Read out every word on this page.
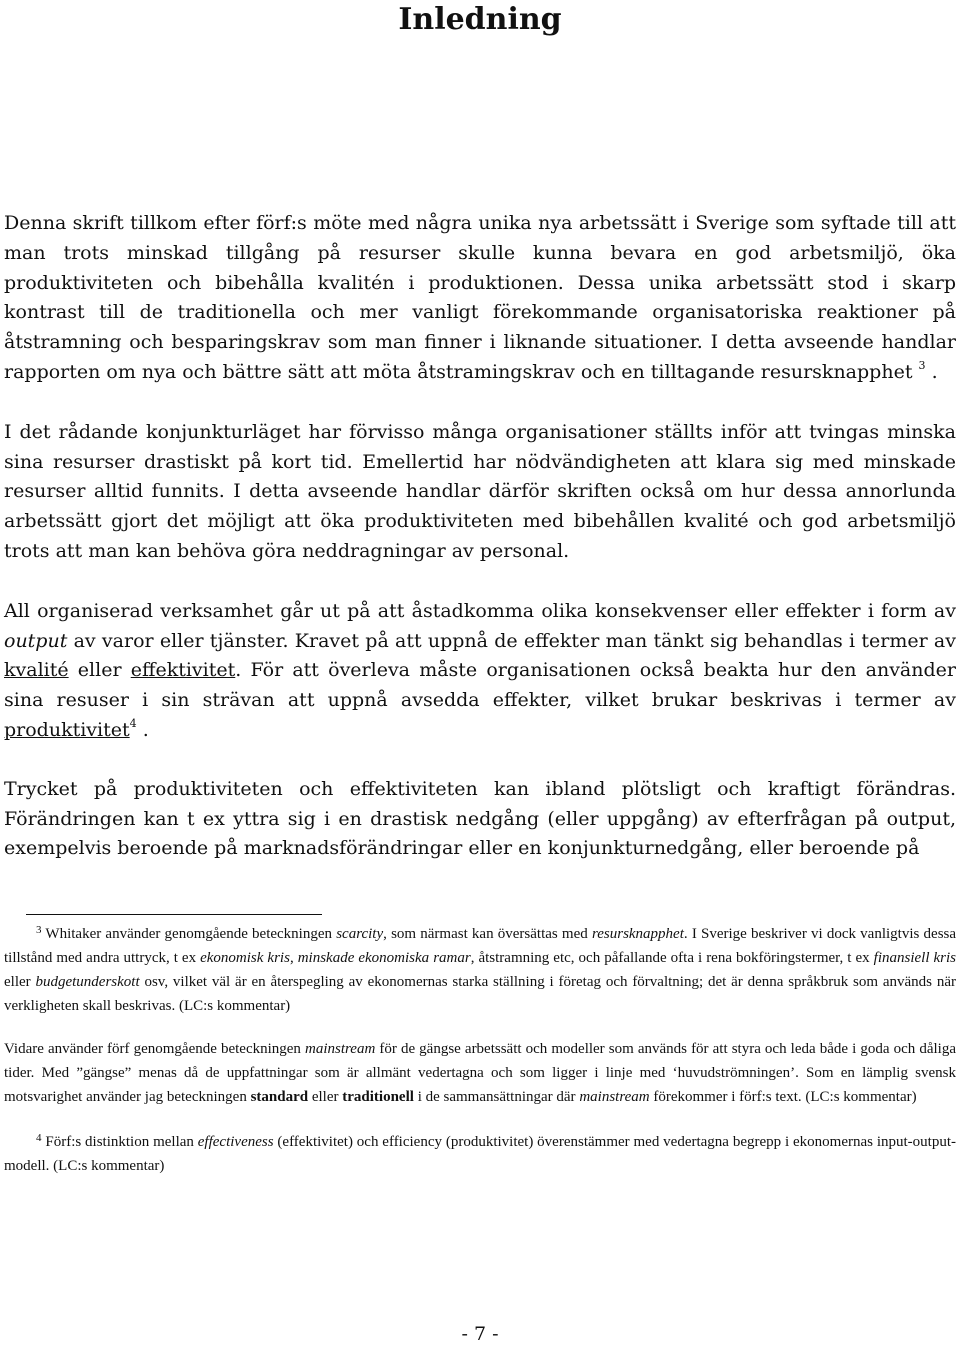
Inledning

Denna skrift tillkom efter förf:s möte med några unika nya arbetssätt i Sverige som syftade till att man trots minskad tillgång på resurser skulle kunna bevara en god arbetsmiljö, öka produktiviteten och bibehålla kvalitén i produktionen. Dessa unika arbetssätt stod i skarp kontrast till de traditionella och mer vanligt förekommande organisatoriska reaktioner på åtstramning och besparingskrav som man finner i liknande situationer. I detta avseende handlar rapporten om nya och bättre sätt att möta åtstramingskrav och en tilltagande resursknapphet $^3$ .

I det rådande konjunkturläget har förvisso många organisationer ställts inför att tvingas minska sina resurser drastiskt på kort tid. Emellertid har nödvändigheten att klara sig med minskade resurser alltid funnits. I detta avseende handlar därför skriften också om hur dessa annorlunda arbetssätt gjort det möjligt att öka produktiviteten med bibehållen kvalité och god arbetsmiljö trots att man kan behöva göra neddragningar av personal.

All organiserad verksamhet går ut på att åstadkomma olika konsekvenser eller effekter i form av output av varor eller tjänster. Kravet på att uppnå de effekter man tänkt sig behandlas i termer av kvalité eller effektivitet. För att överleva måste organisationen också beakta hur den använder sina resuser i sin strävan att uppnå avsedda effekter, vilket brukar beskrivas i termer av produktivitet$^4$ .

Trycket på produktiviteten och effektiviteten kan ibland plötsligt och kraftigt förändras. Förändringen kan t ex yttra sig i en drastisk nedgång (eller uppgång) av efterfrågan på output, exempelvis beroende på marknadsförändringar eller en konjunkturnedgång, eller beroende på

$^3$ Whitaker använder genomgående beteckningen scarcity, som närmast kan översättas med resursknapphet. I Sverige beskriver vi dock vanligtvis dessa tillstånd med andra uttryck, t ex ekonomisk kris, minskade ekonomiska ramar, åtstramning etc, och påfallande ofta i rena bokföringstermer, t ex finansiell kris eller budgetunderskott osv, vilket väl är en återspegling av ekonomernas starka ställning i företag och förvaltning; det är denna språkbruk som används när verkligheten skall beskrivas. (LC:s kommentar)

Vidare använder förf genomgående beteckningen mainstream för de gängse arbetssätt och modeller som används för att styra och leda både i goda och dåliga tider. Med ”gängse” menas då de uppfattningar som är allmänt vedertagna och som ligger i linje med ‘huvudströmningen’. Som en lämplig svensk motsvarighet använder jag beteckningen standard eller traditionell i de sammansättningar där mainstream förekommer i förf:s text. (LC:s kommentar)

$^4$ Förf:s distinktion mellan effectiveness (effektivitet) och efficiency (produktivitet) överenstämmer med vedertagna begrepp i ekonomernas input-output-modell. (LC:s kommentar)

- 7 -
